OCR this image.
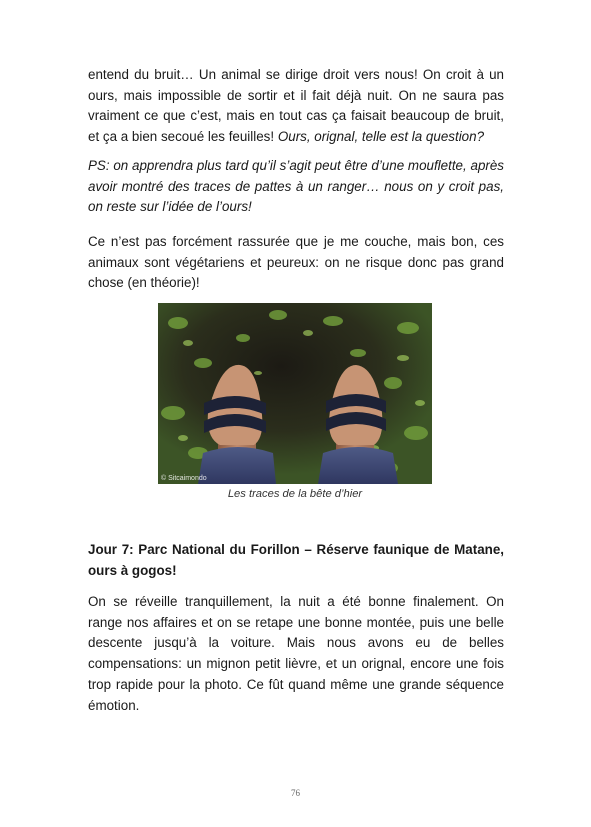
entend du bruit… Un animal se dirige droit vers nous! On croit à un ours, mais impossible de sortir et il fait déjà nuit. On ne saura pas vraiment ce que c’est, mais en tout cas ça faisait beaucoup de bruit, et ça a bien secoué les feuilles! Ours, orignal, telle est la question?

PS: on apprendra plus tard qu’il s’agit peut être d’une mouflette, après avoir montré des traces de pattes à un ranger… nous on y croit pas, on reste sur l’idée de l’ours!

Ce n’est pas forcément rassurée que je me couche, mais bon, ces animaux sont végétariens et peureux: on ne risque donc pas grand chose (en théorie)!

© Sitcaimondo
Les traces de la bête d’hier
Jour 7: Parc National du Forillon – Réserve faunique de Matane, ours à gogos!

On se réveille tranquillement, la nuit a été bonne finalement. On range nos affaires et on se retape une bonne montée, puis une belle descente jusqu’à la voiture. Mais nous avons eu de belles compensations: un mignon petit lièvre, et un orignal, encore une fois trop rapide pour la photo. Ce fût quand même une grande séquence émotion.

76
